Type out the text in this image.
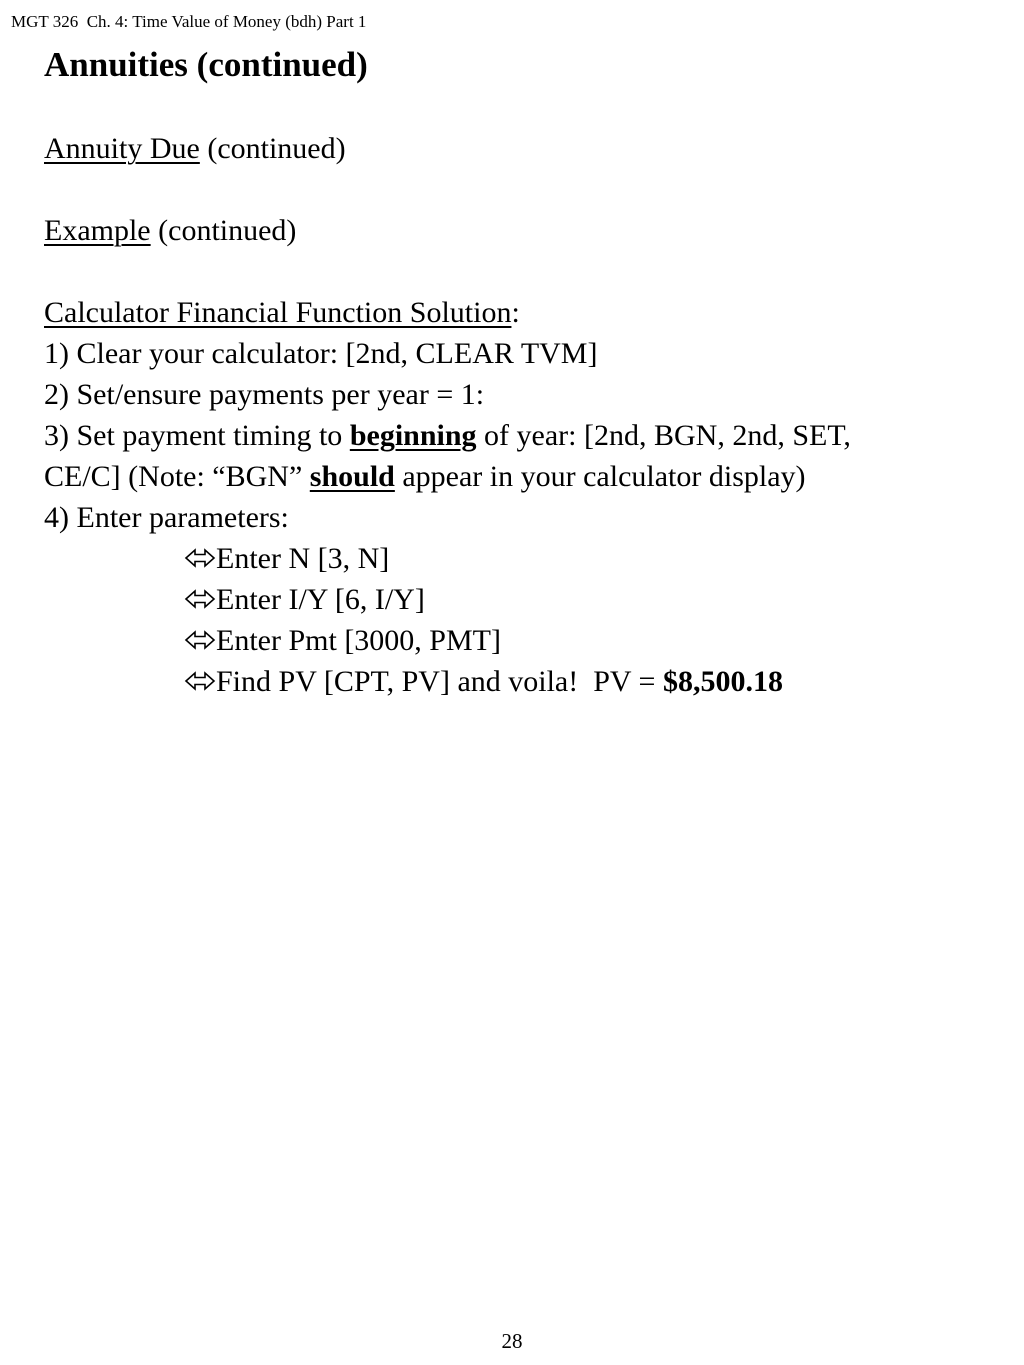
MGT 326  Ch. 4: Time Value of Money (bdh) Part 1
Annuities (continued)
Annuity Due (continued)
Example (continued)
Calculator Financial Function Solution:
1) Clear your calculator: [2nd, CLEAR TVM]
2) Set/ensure payments per year = 1:
3) Set payment timing to beginning of year: [2nd, BGN, 2nd, SET,
CE/C] (Note: “BGN” should appear in your calculator display)
4) Enter parameters:
Enter N [3, N]
Enter I/Y [6, I/Y]
Enter Pmt [3000, PMT]
Find PV [CPT, PV] and voila!  PV = $8,500.18
28
